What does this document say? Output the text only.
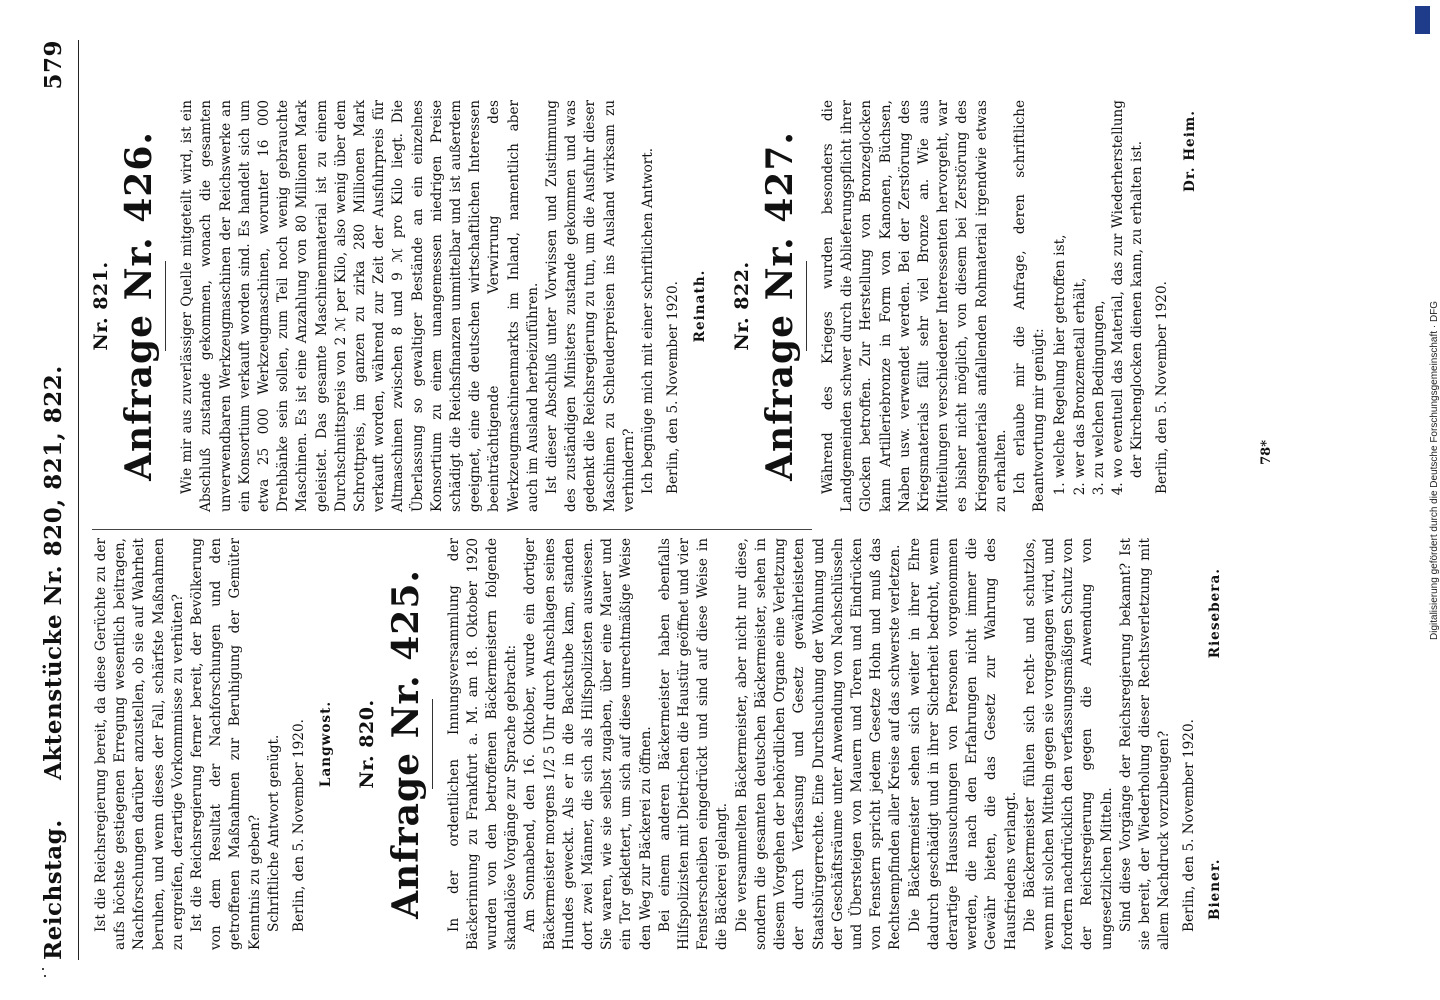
Reichstag.
Aktenstücke Nr. 820, 821, 822.
579

Ist die Reichsregierung bereit, da diese Gerüchte zu der aufs höchste gestiegenen Erregung wesentlich beitragen, Nachforschungen darüber anzustellen, ob sie auf Wahrheit beruhen, und wenn dieses der Fall, schärfste Maßnahmen zu ergreifen, derartige Vorkommnisse zu verhüten? Ist die Reichsregierung ferner bereit, der Bevölkerung von dem Resultat der Nachforschungen und den getroffenen Maßnahmen zur Beruhigung der Gemüter Kenntnis zu geben? Schriftliche Antwort genügt. Berlin, den 5. November 1920. Langwost. Nr. 820. Anfrage Nr. 425. In der ordentlichen Innungsversammlung der Bäckerinnung zu Frankfurt a. M. am 18. Oktober 1920 wurden von den betroffenen Bäckermeistern folgende skandalöse Vorgänge zur Sprache gebracht: Am Sonnabend, den 16. Oktober, wurde ein dortiger Bäckermeister morgens 1/2 5 Uhr durch Anschlagen seines Hundes geweckt. Als er in die Backstube kam, standen dort zwei Männer, die sich als Hilfspolizisten auswiesen. Sie waren, wie sie selbst zugaben, über eine Mauer und ein Tor geklettert, um sich auf diese unrechtmäßige Weise den Weg zur Bäckerei zu öffnen. Bei einem anderen Bäckermeister haben ebenfalls Hilfspolizisten mit Dietrichen die Haustür geöffnet und vier Fensterscheiben eingedrückt und sind auf diese Weise in die Bäckerei gelangt. Die versammelten Bäckermeister, aber nicht nur diese, sondern die gesamten deutschen Bäckermeister, sehen in diesem Vorgehen der behördlichen Organe eine Verletzung der durch Verfassung und Gesetz gewährleisteten Staatsbürgerrechte. Eine Durchsuchung der Wohnung und der Geschäftsräume unter Anwendung von Nachschlüsseln und Übersteigen von Mauern und Toren und Eindrücken von Fenstern spricht jedem Gesetze Hohn und muß das Rechtsempfinden aller Kreise auf das schwerste verletzen. Die Bäckermeister sehen sich weiter in ihrer Ehre dadurch geschädigt und in ihrer Sicherheit bedroht, wenn derartige Haussuchungen von Personen vorgenommen werden, die nach den Erfahrungen nicht immer die Gewähr bieten, die das Gesetz zur Wahrung des Hausfriedens verlangt. Die Bäckermeister fühlen sich recht- und schutzlos, wenn mit solchen Mitteln gegen sie vorgegangen wird, und fordern nachdrücklich den verfassungsmäßigen Schutz von der Reichsregierung gegen die Anwendung von ungesetzlichen Mitteln. Sind diese Vorgänge der Reichsregierung bekannt? Ist sie bereit, der Wiederholung dieser Rechtsverletzung mit allem Nachdruck vorzubeugen? Berlin, den 5. November 1920. Biener.
Riesebera.
Nr. 821. Anfrage Nr. 426. Wie mir aus zuverlässiger Quelle mitgeteilt wird, ist ein Abschluß zustande gekommen, wonach die gesamten unverwendbaren Werkzeugmaschinen der Reichswerke an ein Konsortium verkauft worden sind. Es handelt sich um etwa 25 000 Werkzeugmaschinen, worunter 16 000 Drehbänke sein sollen, zum Teil noch wenig gebrauchte Maschinen. Es ist eine Anzahlung von 80 Millionen Mark geleistet. Das gesamte Maschinenmaterial ist zu einem Durchschnittspreis von 2 ℳ per Kilo, also wenig über dem Schrottpreis, im ganzen zu zirka 280 Millionen Mark verkauft worden, während zur Zeit der Ausfuhrpreis für Altmaschinen zwischen 8 und 9 ℳ pro Kilo liegt. Die Überlassung so gewaltiger Bestände an ein einzelnes Konsortium zu einem unangemessen niedrigen Preise schädigt die Reichsfinanzen unmittelbar und ist außerdem geeignet, eine die deutschen wirtschaftlichen Interessen beeinträchtigende Verwirrung des Werkzeugmaschinenmarkts im Inland, namentlich aber auch im Ausland herbeizuführen. Ist dieser Abschluß unter Vorwissen und Zustimmung des zuständigen Ministers zustande gekommen und was gedenkt die Reichsregierung zu tun, um die Ausfuhr dieser Maschinen zu Schleuderpreisen ins Ausland wirksam zu verhindern? Ich begnüge mich mit einer schriftlichen Antwort. Berlin, den 5. November 1920. Reinath. Nr. 822. Anfrage Nr. 427. Während des Krieges wurden besonders die Landgemeinden schwer durch die Ablieferungspflicht ihrer Glocken betroffen. Zur Herstellung von Bronzeglocken kann Artilleriebronze in Form von Kanonen, Büchsen, Naben usw. verwendet werden. Bei der Zerstörung des Kriegsmaterials fällt sehr viel Bronze an. Wie aus Mitteilungen verschiedener Interessenten hervorgeht, war es bisher nicht möglich, von diesem bei Zerstörung des Kriegsmaterials anfallenden Rohmaterial irgendwie etwas zu erhalten. Ich erlaube mir die Anfrage, deren schriftliche Beantwortung mir genügt: 1. welche Regelung hier getroffen ist, 2. wer das Bronzemetall erhält, 3. zu welchen Bedingungen, 4. wo eventuell das Material, das zur Wiederherstellung der Kirchenglocken dienen kann, zu erhalten ist. Berlin, den 5. November 1920.

Dr. Heim.

78*	Digitalisierung gefördert durch die Deutsche Forschungsgemeinschaft · DFG
